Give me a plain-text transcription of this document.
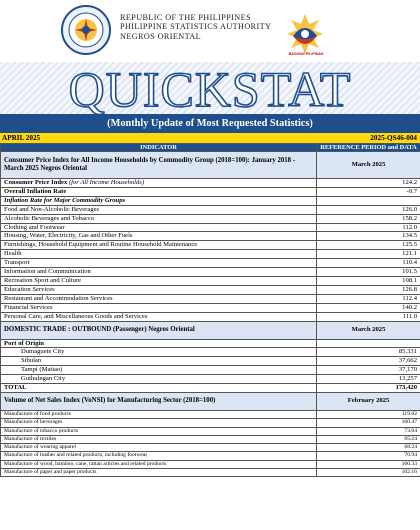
REPUBLIC OF THE PHILIPPINES
PHILIPPINE STATISTICS AUTHORITY
NEGROS ORIENTAL
BAGONG PILIPINAS
QUICKSTAT
(Monthly Update of Most Requested Statistics)
APRIL 2025	2025-QS46-004
INDICATOR	REFERENCE PERIOD and DATA
Consumer Price Index for All Income Households by Commodity Group (2018=100): January 2018 - March 2025 Negros Oriental	March 2025
Consumer Price Index (for All Income Households)	124.2
Overall Inflation Rate	-0.7
Inflation Rate for Major Commodity Groups	
Food and Non-Alcoholic Beverages	126.0
Alcoholic Beverages and Tobacco	158.2
Clothing and Footwear	112.0
Housing, Water, Electricity, Gas and Other Fuels	134.5
Furnishings, Household Equipment and Routine Household Maintenance	125.5
Health	121.1
Transport	110.4
Information and Communication	101.5
Recreation Sport and Culture	108.1
Education Services	126.8
Restaurant and Accommodation Services	112.4
Financial Services	140.2
Personal Care, and Miscellaneous Goods and Services	111.0
DOMESTIC TRADE : OUTBOUND (Passenger) Negros Oriental	March 2025
Port of Origin	
Dumaguete City	85,331
Sibulan	37,662
Tampi (Matiao)	37,170
Guihulngan City	13,257
TOTAL	173,420
Volume of Net Sales Index (VoNSI) for Manufacturing Sector (2018=100)	February 2025
Manufacture of food products	119.62
Manufacture of beverages	160.47
Manufacture of tobacco products	73.64
Manufacture of textiles	95.24
Manufacture of wearing apparel	68.24
Manufacture of leather and related products, including footwear	70.94
Manufacture of wood, bamboo, cane, rattan articles and related products	160.33
Manufacture of paper and paper products	102.16
